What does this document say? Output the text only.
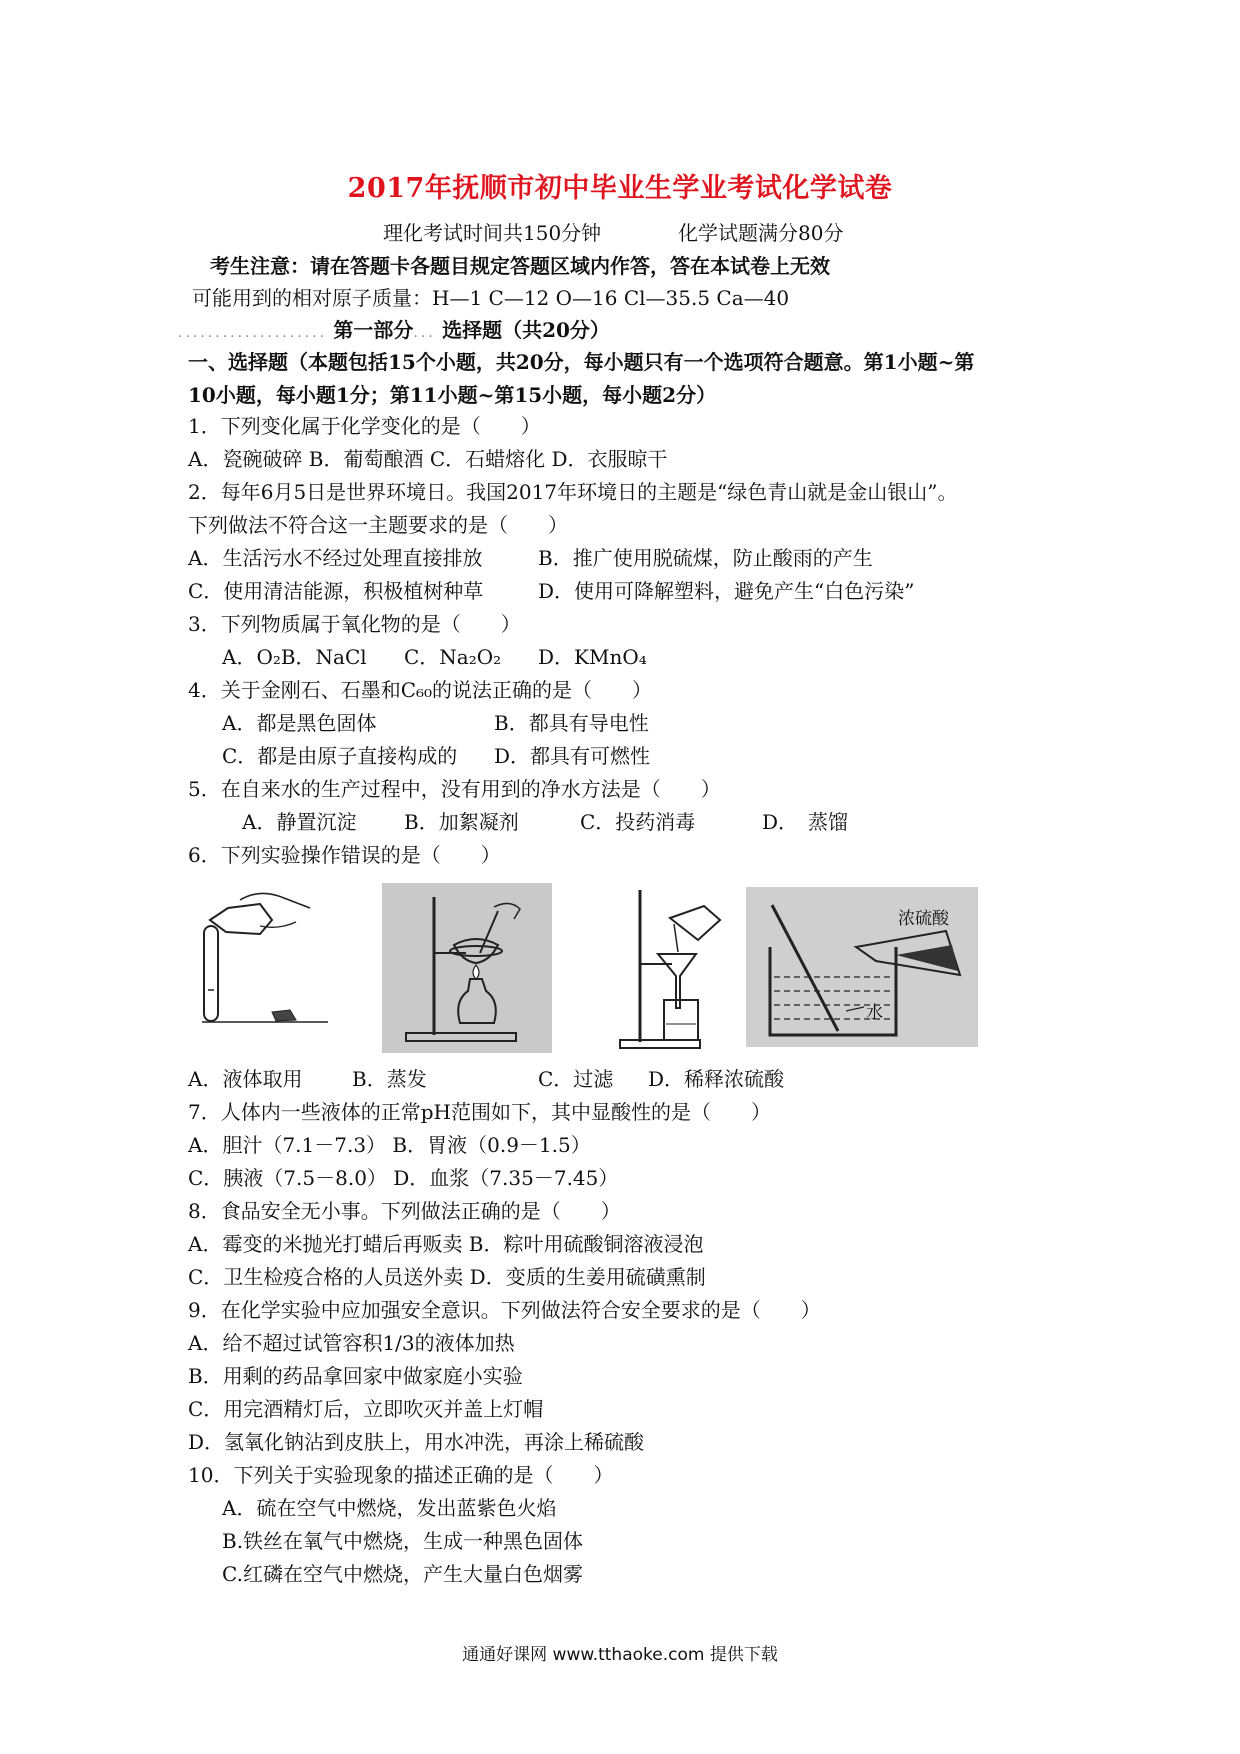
2017年抚顺市初中毕业生学业考试化学试卷
理化考试时间共150分钟	化学试题满分80分
考生注意：请在答题卡各题目规定答题区域内作答，答在本试卷上无效
可能用到的相对原子质量：H—1 C—12 O—16 Cl—35.5 Ca—40
.................... 第一部分... 选择题（共20分）
一、选择题（本题包括15个小题，共20分，每小题只有一个选项符合题意。第1小题~第
10小题，每小题1分；第11小题~第15小题，每小题2分）
1．下列变化属于化学变化的是（　　）
A．瓷碗破碎 B．葡萄酿酒 C．石蜡熔化 D．衣服晾干
2．每年6月5日是世界环境日。我国2017年环境日的主题是“绿色青山就是金山银山”。
下列做法不符合这一主题要求的是（　　）
A．生活污水不经过处理直接排放	B．推广使用脱硫煤，防止酸雨的产生
C．使用清洁能源，积极植树种草	D．使用可降解塑料，避免产生“白色污染”
3．下列物质属于氧化物的是（　　）
A．O₂B．NaCl C．Na₂O₂ D．KMnO₄
4．关于金刚石、石墨和C₆₀的说法正确的是（　　）
A．都是黑色固体	B．都具有导电性
C．都是由原子直接构成的 D．都具有可燃性
5．在自来水的生产过程中，没有用到的净水方法是（　　）
A．静置沉淀 B．加絮凝剂	C．投药消毒	D．　蒸馏
6．下列实验操作错误的是（　　）
浓硫酸
水
A．液体取用 B．蒸发	C．过滤 D．稀释浓硫酸
7．人体内一些液体的正常pH范围如下，其中显酸性的是（　　）
A．胆汁（7.1－7.3） B．胃液（0.9－1.5）
C．胰液（7.5－8.0） D．血浆（7.35－7.45）
8．食品安全无小事。下列做法正确的是（　　）
A．霉变的米抛光打蜡后再贩卖 B．粽叶用硫酸铜溶液浸泡
C．卫生检疫合格的人员送外卖 D．变质的生姜用硫磺熏制
9．在化学实验中应加强安全意识。下列做法符合安全要求的是（　　）
A．给不超过试管容积1/3的液体加热
B．用剩的药品拿回家中做家庭小实验
C．用完酒精灯后，立即吹灭并盖上灯帽
D．氢氧化钠沾到皮肤上，用水冲洗，再涂上稀硫酸
10．下列关于实验现象的描述正确的是（　　）
A．硫在空气中燃烧，发出蓝紫色火焰
B.铁丝在氧气中燃烧，生成一种黑色固体
C.红磷在空气中燃烧，产生大量白色烟雾
通通好课网 www.tthaoke.com 提供下载
